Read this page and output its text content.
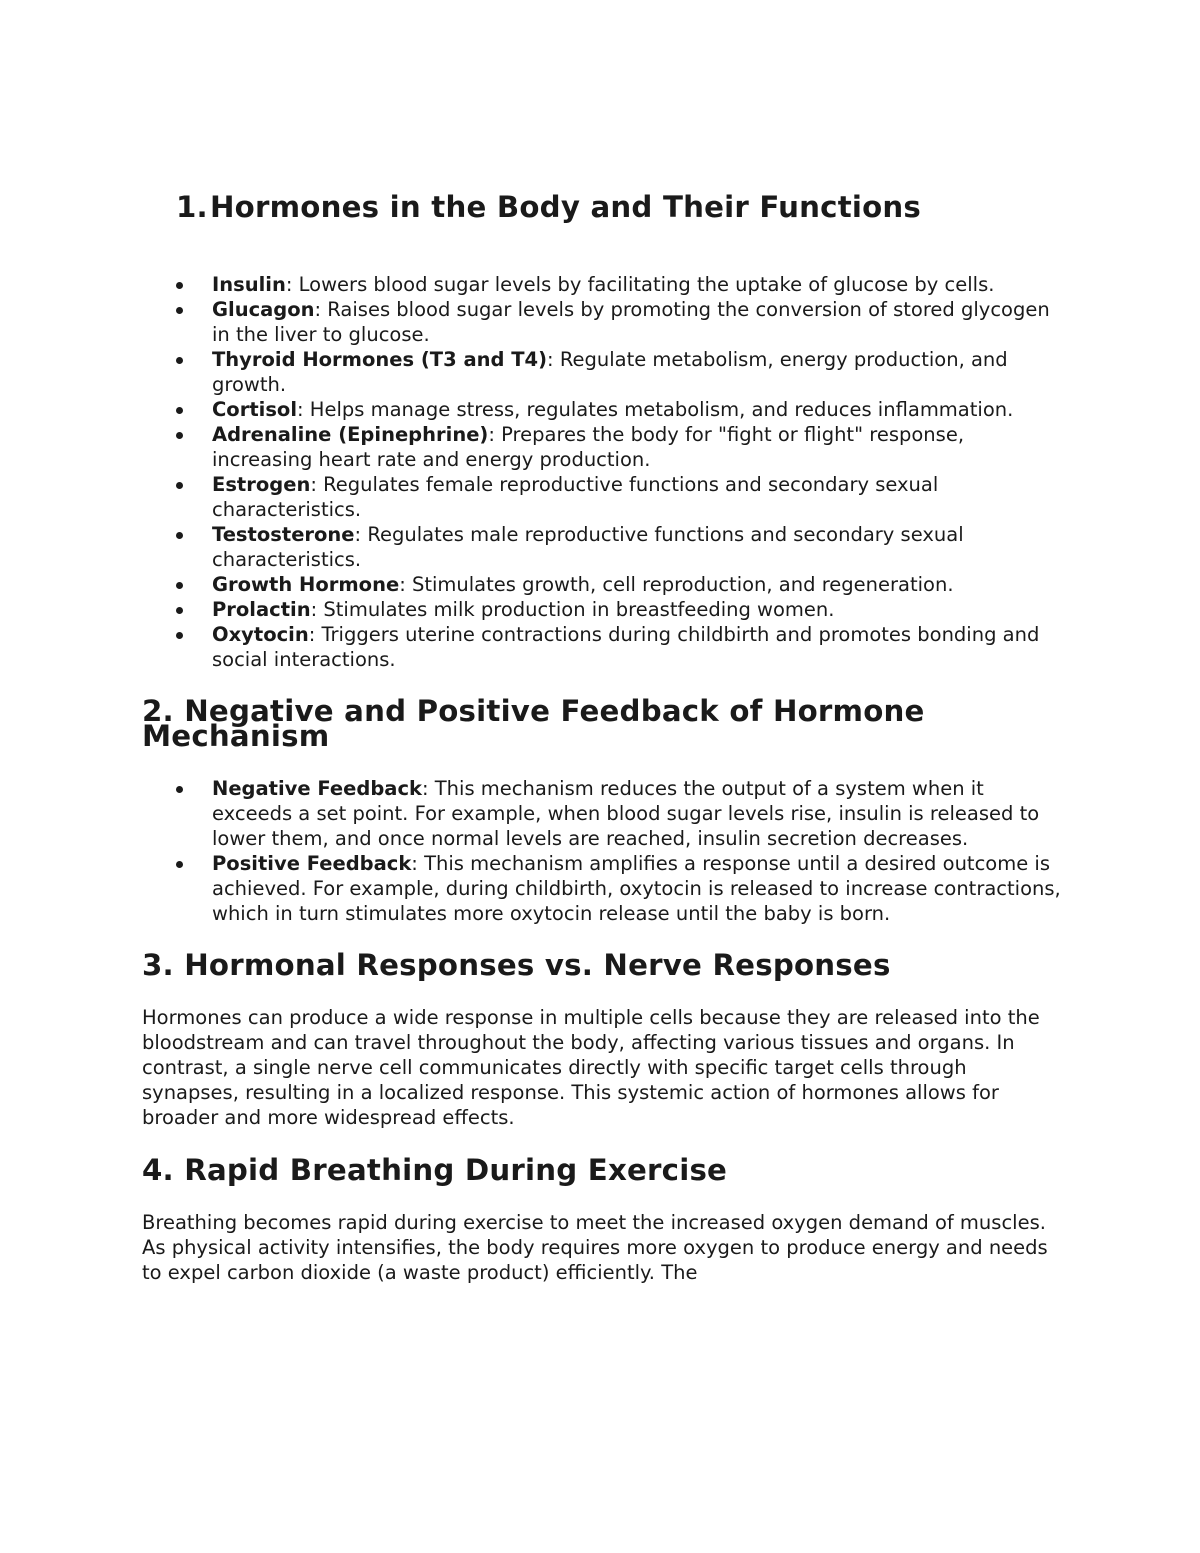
1. Hormones in the Body and Their Functions
Insulin: Lowers blood sugar levels by facilitating the uptake of glucose by cells.
Glucagon: Raises blood sugar levels by promoting the conversion of stored glycogen in the liver to glucose.
Thyroid Hormones (T3 and T4): Regulate metabolism, energy production, and growth.
Cortisol: Helps manage stress, regulates metabolism, and reduces inflammation.
Adrenaline (Epinephrine): Prepares the body for "fight or flight" response, increasing heart rate and energy production.
Estrogen: Regulates female reproductive functions and secondary sexual characteristics.
Testosterone: Regulates male reproductive functions and secondary sexual characteristics.
Growth Hormone: Stimulates growth, cell reproduction, and regeneration.
Prolactin: Stimulates milk production in breastfeeding women.
Oxytocin: Triggers uterine contractions during childbirth and promotes bonding and social interactions.
2. Negative and Positive Feedback of Hormone Mechanism
Negative Feedback: This mechanism reduces the output of a system when it exceeds a set point. For example, when blood sugar levels rise, insulin is released to lower them, and once normal levels are reached, insulin secretion decreases.
Positive Feedback: This mechanism amplifies a response until a desired outcome is achieved. For example, during childbirth, oxytocin is released to increase contractions, which in turn stimulates more oxytocin release until the baby is born.
3. Hormonal Responses vs. Nerve Responses

Hormones can produce a wide response in multiple cells because they are released into the bloodstream and can travel throughout the body, affecting various tissues and organs. In contrast, a single nerve cell communicates directly with specific target cells through synapses, resulting in a localized response. This systemic action of hormones allows for broader and more widespread effects.

4. Rapid Breathing During Exercise

Breathing becomes rapid during exercise to meet the increased oxygen demand of muscles. As physical activity intensifies, the body requires more oxygen to produce energy and needs to expel carbon dioxide (a waste product) efficiently. The
